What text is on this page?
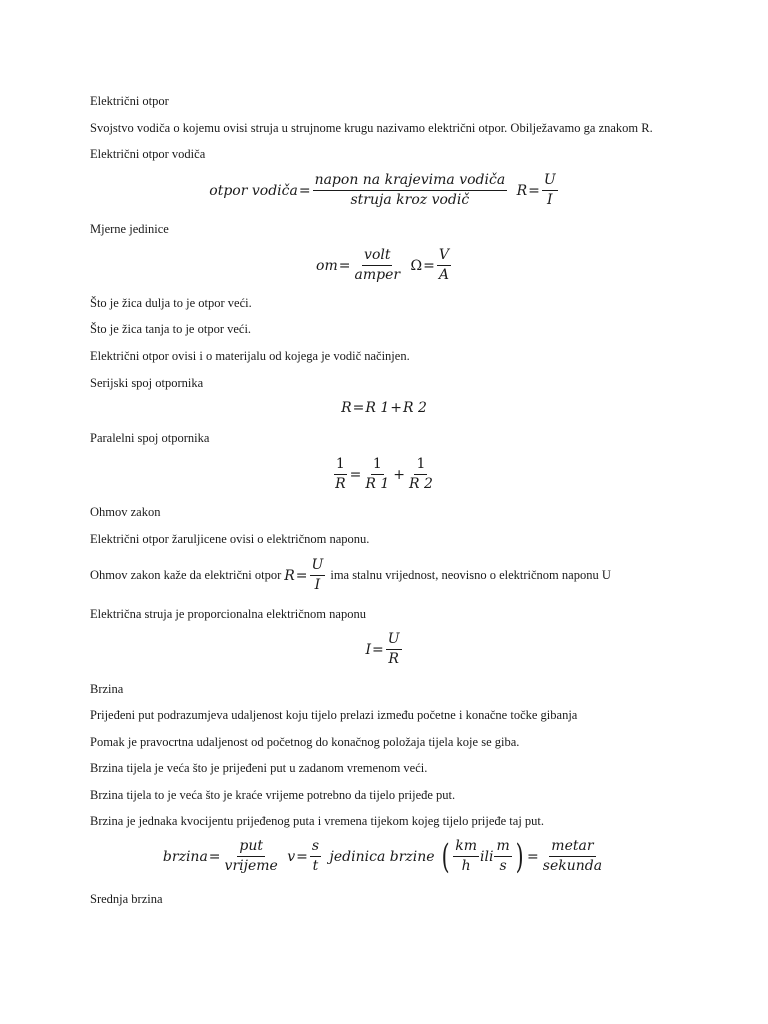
Električni otpor
Svojstvo vodiča o kojemu ovisi struja u strujnome krugu nazivamo električni otpor. Obilježavamo ga znakom R.
Električni otpor vodiča
otpor vodiča= $\frac{\text{napon na krajevima vodiča}}{\text{struja kroz vodič}} R= \frac{U}{I}$
Mjerne jedinice
$om= \frac{\text{volt}}{\text{amper}} \Omega= \frac{V}{A}$
Što je žica dulja to je otpor veći.
Što je žica tanja to je otpor veći.
Električni otpor ovisi i o materijalu od kojega je vodič načinjen.
Serijski spoj otpornika
R=R 1+R 2
Paralelni spoj otpornika
$\frac{1}{R} = \frac{1}{R 1} + \frac{1}{R 2}$
Ohmov zakon
Električni otpor žaruljicene ovisi o električnom naponu.
Ohmov zakon kaže da električni otpor $R= \frac{U}{I}$ ima stalnu vrijednost, neovisno o električnom naponu U
Električna struja je proporcionalna električnom naponu
$I= \frac{U}{R}$
Brzina
Prijeđeni put podrazumjeva udaljenost koju tijelo prelazi između početne i konačne točke gibanja
Pomak je pravocrtna udaljenost od početnog do konačnog položaja tijela koje se giba.
Brzina tijela je veća što je prijeđeni put u zadanom vremenom veći.
Brzina tijela to je veća što je kraće vrijeme potrebno da tijelo prijeđe put.
Brzina je jednaka kvocijentu prijeđenog puta i vremena tijekom kojeg tijelo prijeđe taj put.
brzina= $\frac{\text{put}}{\text{vrijeme}} v= \frac{s}{t}$ jedinica brzine ( $\frac{km}{h}$ ili $\frac{m}{s}$ ) = $\frac{\text{metar}}{\text{sekunda}}$
Srednja brzina
